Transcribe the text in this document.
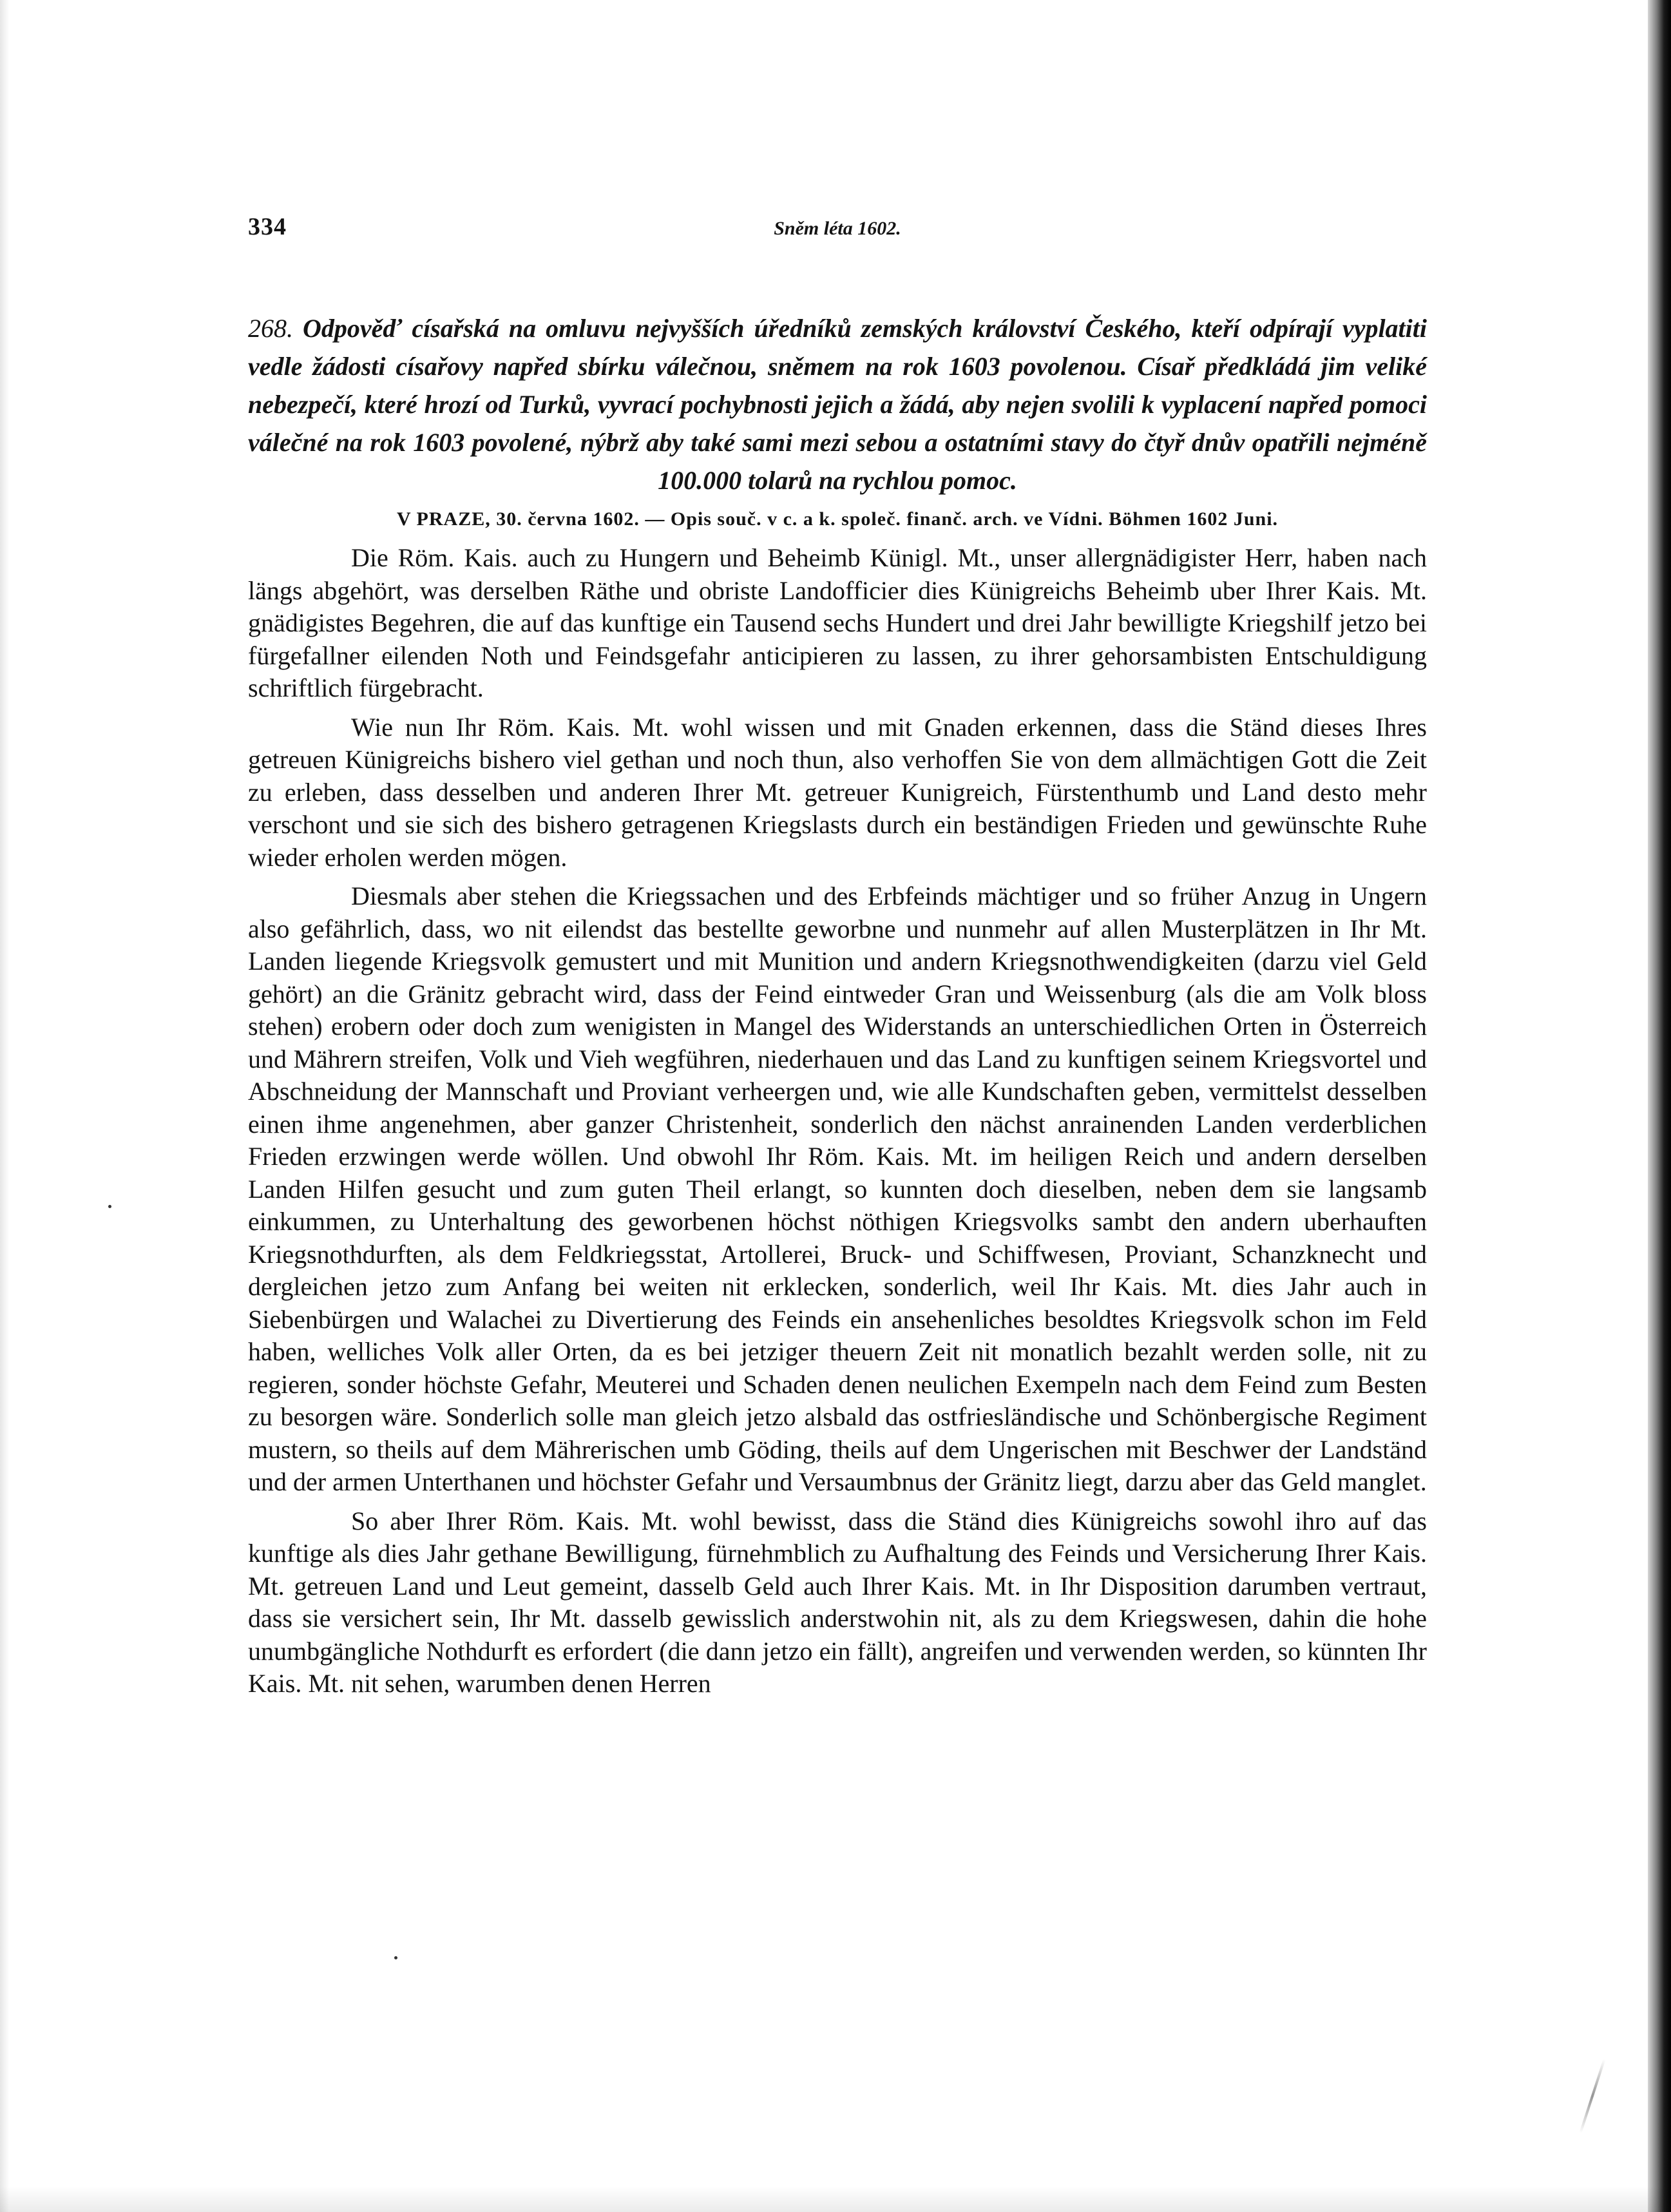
334	Sněm léta 1602.
268. Odpověď císařská na omluvu nejvyšších úředníků zemských království Českého, kteří odpírají vyplatiti vedle žádosti císařovy napřed sbírku válečnou, sněmem na rok 1603 povolenou. Císař předkládá jim veliké nebezpečí, které hrozí od Turků, vyvrací pochybnosti jejich a žádá, aby nejen svolili k vyplacení napřed pomoci válečné na rok 1603 povolené, nýbrž aby také sami mezi sebou a ostatními stavy do čtyř dnův opatřili nejméně 100.000 tolarů na rychlou pomoc.
V PRAZE, 30. června 1602. — Opis souč. v c. a k. společ. finanč. arch. ve Vídni. Böhmen 1602 Juni.

Die Röm. Kais. auch zu Hungern und Beheimb Künigl. Mt., unser allergnädigister Herr, haben nach längs abgehört, was derselben Räthe und obriste Landofficier dies Künigreichs Beheimb uber Ihrer Kais. Mt. gnädigistes Begehren, die auf das kunftige ein Tausend sechs Hundert und drei Jahr bewilligte Kriegshilf jetzo bei fürgefallner eilenden Noth und Feindsgefahr anticipieren zu lassen, zu ihrer gehorsambisten Entschuldigung schriftlich fürgebracht.

Wie nun Ihr Röm. Kais. Mt. wohl wissen und mit Gnaden erkennen, dass die Ständ dieses Ihres getreuen Künigreichs bishero viel gethan und noch thun, also verhoffen Sie von dem allmächtigen Gott die Zeit zu erleben, dass desselben und anderen Ihrer Mt. getreuer Kunigreich, Fürstenthumb und Land desto mehr verschont und sie sich des bishero getragenen Kriegslasts durch ein beständigen Frieden und gewünschte Ruhe wieder erholen werden mögen.

Diesmals aber stehen die Kriegssachen und des Erbfeinds mächtiger und so früher Anzug in Ungern also gefährlich, dass, wo nit eilendst das bestellte geworbne und nunmehr auf allen Musterplätzen in Ihr Mt. Landen liegende Kriegsvolk gemustert und mit Munition und andern Kriegsnothwendigkeiten (darzu viel Geld gehört) an die Gränitz gebracht wird, dass der Feind eintweder Gran und Weissenburg (als die am Volk bloss stehen) erobern oder doch zum wenigisten in Mangel des Widerstands an unterschiedlichen Orten in Österreich und Mährern streifen, Volk und Vieh wegführen, niederhauen und das Land zu kunftigen seinem Kriegsvortel und Abschneidung der Mannschaft und Proviant verheergen und, wie alle Kundschaften geben, vermittelst desselben einen ihme angenehmen, aber ganzer Christenheit, sonderlich den nächst anrainenden Landen verderblichen Frieden erzwingen werde wöllen. Und obwohl Ihr Röm. Kais. Mt. im heiligen Reich und andern derselben Landen Hilfen gesucht und zum guten Theil erlangt, so kunnten doch dieselben, neben dem sie langsamb einkummen, zu Unterhaltung des geworbenen höchst nöthigen Kriegsvolks sambt den andern uberhauften Kriegsnothdurften, als dem Feldkriegsstat, Artollerei, Bruck- und Schiffwesen, Proviant, Schanzknecht und dergleichen jetzo zum Anfang bei weiten nit erklecken, sonderlich, weil Ihr Kais. Mt. dies Jahr auch in Siebenbürgen und Walachei zu Divertierung des Feinds ein ansehenliches besoldtes Kriegsvolk schon im Feld haben, welliches Volk aller Orten, da es bei jetziger theuern Zeit nit monatlich bezahlt werden solle, nit zu regieren, sonder höchste Gefahr, Meuterei und Schaden denen neulichen Exempeln nach dem Feind zum Besten zu besorgen wäre. Sonderlich solle man gleich jetzo alsbald das ostfriesländische und Schönbergische Regiment mustern, so theils auf dem Mährerischen umb Göding, theils auf dem Ungerischen mit Beschwer der Landständ und der armen Unterthanen und höchster Gefahr und Versaumbnus der Gränitz liegt, darzu aber das Geld manglet.

So aber Ihrer Röm. Kais. Mt. wohl bewisst, dass die Ständ dies Künigreichs sowohl ihro auf das kunftige als dies Jahr gethane Bewilligung, fürnehmblich zu Aufhaltung des Feinds und Versicherung Ihrer Kais. Mt. getreuen Land und Leut gemeint, dasselb Geld auch Ihrer Kais. Mt. in Ihr Disposition darumben vertraut, dass sie versichert sein, Ihr Mt. dasselb gewisslich anderstwohin nit, als zu dem Kriegswesen, dahin die hohe unumbgängliche Nothdurft es erfordert (die dann jetzo ein fällt), angreifen und verwenden werden, so künnten Ihr Kais. Mt. nit sehen, warumben denen Herren
